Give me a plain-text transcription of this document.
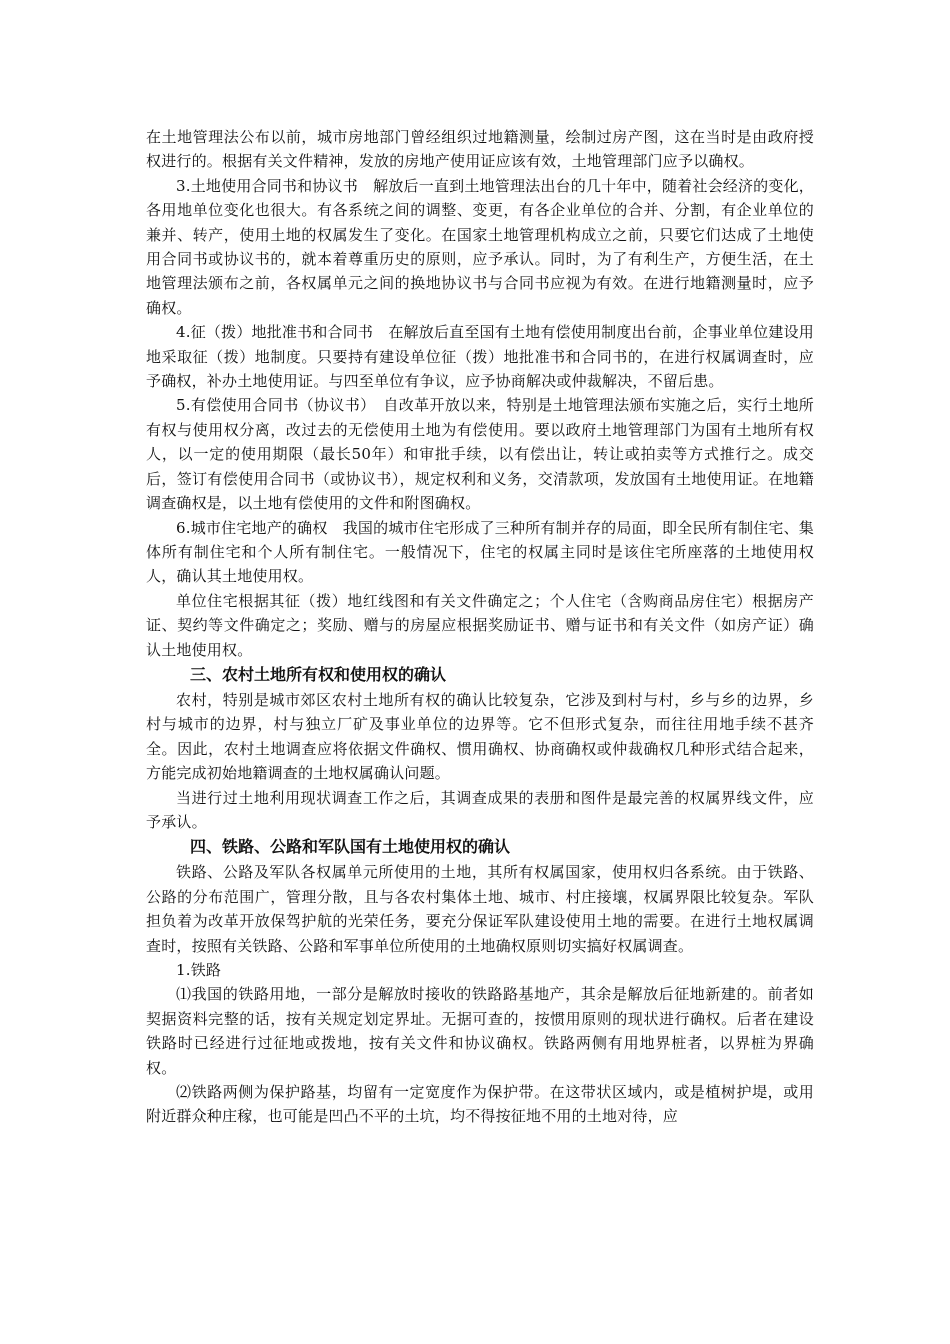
在土地管理法公布以前，城市房地部门曾经组织过地籍测量，绘制过房产图，这在当时是由政府授权进行的。根据有关文件精神，发放的房地产使用证应该有效，土地管理部门应予以确权。

3.土地使用合同书和协议书　解放后一直到土地管理法出台的几十年中，随着社会经济的变化，各用地单位变化也很大。有各系统之间的调整、变更，有各企业单位的合并、分割，有企业单位的兼并、转产，使用土地的权属发生了变化。在国家土地管理机构成立之前，只要它们达成了土地使用合同书或协议书的，就本着尊重历史的原则，应予承认。同时，为了有利生产，方便生活，在土地管理法颁布之前，各权属单元之间的换地协议书与合同书应视为有效。在进行地籍测量时，应予确权。

4.征（拨）地批准书和合同书　在解放后直至国有土地有偿使用制度出台前，企事业单位建设用地采取征（拨）地制度。只要持有建设单位征（拨）地批准书和合同书的，在进行权属调查时，应予确权，补办土地使用证。与四至单位有争议，应予协商解决或仲裁解决，不留后患。

5.有偿使用合同书（协议书）　自改革开放以来，特别是土地管理法颁布实施之后，实行土地所有权与使用权分离，改过去的无偿使用土地为有偿使用。要以政府土地管理部门为国有土地所有权人，以一定的使用期限（最长50年）和审批手续，以有偿出让，转让或拍卖等方式推行之。成交后，签订有偿使用合同书（或协议书），规定权利和义务，交清款项，发放国有土地使用证。在地籍调查确权是，以土地有偿使用的文件和附图确权。

6.城市住宅地产的确权　我国的城市住宅形成了三种所有制并存的局面，即全民所有制住宅、集体所有制住宅和个人所有制住宅。一般情况下，住宅的权属主同时是该住宅所座落的土地使用权人，确认其土地使用权。

单位住宅根据其征（拨）地红线图和有关文件确定之；个人住宅（含购商品房住宅）根据房产证、契约等文件确定之；奖励、赠与的房屋应根据奖励证书、赠与证书和有关文件（如房产证）确认土地使用权。

三、农村土地所有权和使用权的确认

农村，特别是城市郊区农村土地所有权的确认比较复杂，它涉及到村与村，乡与乡的边界，乡村与城市的边界，村与独立厂矿及事业单位的边界等。它不但形式复杂，而往往用地手续不甚齐全。因此，农村土地调查应将依据文件确权、惯用确权、协商确权或仲裁确权几种形式结合起来，方能完成初始地籍调查的土地权属确认问题。

当进行过土地利用现状调查工作之后，其调查成果的表册和图件是最完善的权属界线文件，应予承认。

四、铁路、公路和军队国有土地使用权的确认

铁路、公路及军队各权属单元所使用的土地，其所有权属国家，使用权归各系统。由于铁路、公路的分布范围广，管理分散，且与各农村集体土地、城市、村庄接壤，权属界限比较复杂。军队担负着为改革开放保驾护航的光荣任务，要充分保证军队建设使用土地的需要。在进行土地权属调查时，按照有关铁路、公路和军事单位所使用的土地确权原则切实搞好权属调查。

1.铁路

⑴我国的铁路用地，一部分是解放时接收的铁路路基地产，其余是解放后征地新建的。前者如契据资料完整的话，按有关规定划定界址。无据可查的，按惯用原则的现状进行确权。后者在建设铁路时已经进行过征地或拨地，按有关文件和协议确权。铁路两侧有用地界桩者，以界桩为界确权。

⑵铁路两侧为保护路基，均留有一定宽度作为保护带。在这带状区域内，或是植树护堤，或用附近群众种庄稼，也可能是凹凸不平的土坑，均不得按征地不用的土地对待，应
